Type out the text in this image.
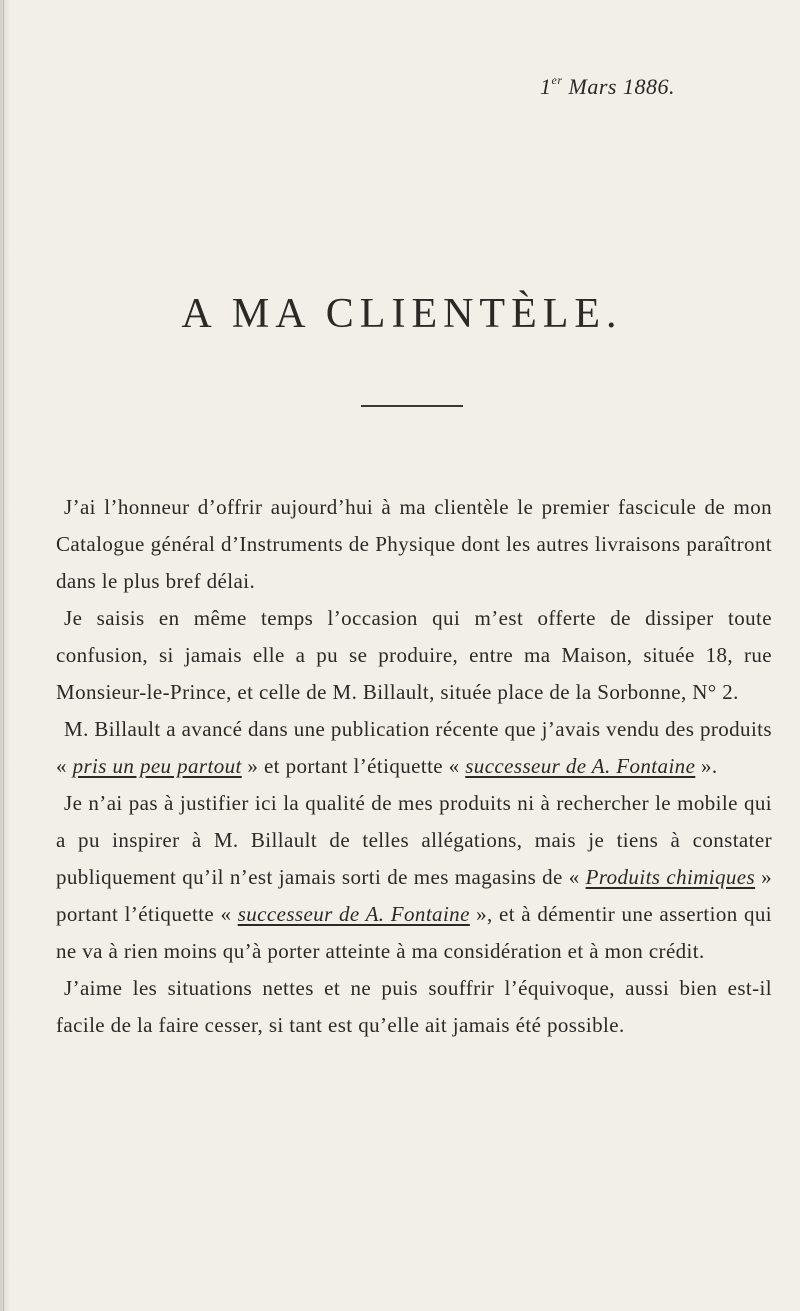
1er Mars 1886.
A MA CLIENTÈLE.

J’ai l’honneur d’offrir aujourd’hui à ma clientèle le premier fascicule de mon Catalogue général d’Instruments de Physique dont les autres livraisons paraîtront dans le plus bref délai.

Je saisis en même temps l’occasion qui m’est offerte de dissiper toute confusion, si jamais elle a pu se produire, entre ma Maison, située 18, rue Monsieur-le-Prince, et celle de M. Billault, située place de la Sorbonne, N° 2.

M. Billault a avancé dans une publication récente que j’avais vendu des produits « pris un peu partout » et portant l’étiquette « successeur de A. Fontaine ».

Je n’ai pas à justifier ici la qualité de mes produits ni à rechercher le mobile qui a pu inspirer à M. Billault de telles allégations, mais je tiens à constater publiquement qu’il n’est jamais sorti de mes magasins de « Produits chimiques » portant l’étiquette « successeur de A. Fontaine », et à démentir une assertion qui ne va à rien moins qu’à porter atteinte à ma considération et à mon crédit.

J’aime les situations nettes et ne puis souffrir l’équivoque, aussi bien est-il facile de la faire cesser, si tant est qu’elle ait jamais été possible.
